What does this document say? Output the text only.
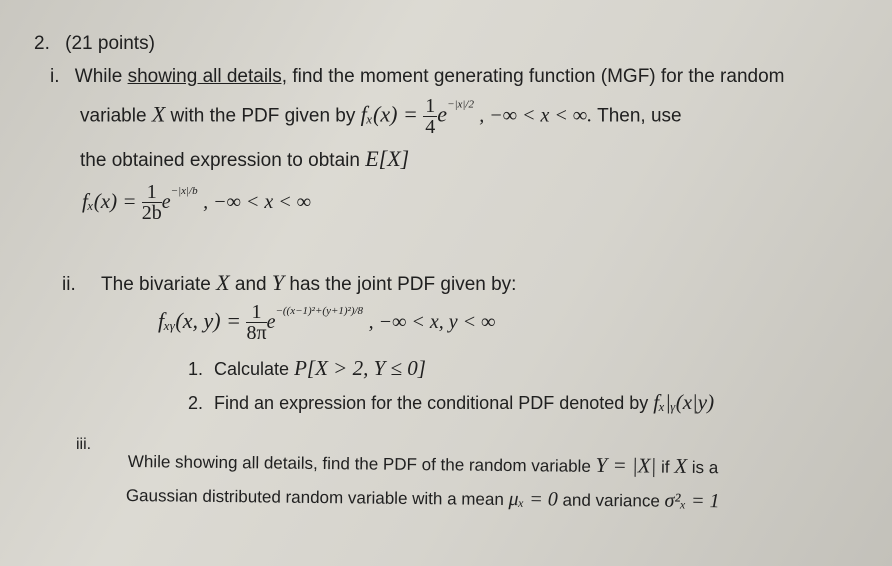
2. (21 points)
i. While showing all details, find the moment generating function (MGF) for the random
variable X with the PDF given by $f_x(x) = \frac{1}{4} e^{-|x|/2}$ , −∞ < x < ∞. Then, use
the obtained expression to obtain E[X]
$f_x(x) = \frac{1}{2b} e^{-|x|/b}$ , −∞ < x < ∞
ii. The bivariate X and Y has the joint PDF given by:
fₓᵧ(x, $y) = \frac{1}{8\pi} e^{-((x-1)^2+(y+1)^2)/8}$ , −∞ < x, y < ∞
1. Calculate P[X > 2, Y ≤ 0]
2. Find an expression for the conditional PDF denoted by fₓ|ᵧ(x|y)
iii.
While showing all details, find the PDF of the random variable Y = |X| if X is a
Gaussian distributed random variable with a mean μₓ = 0 and variance σ²ₓ = 1
